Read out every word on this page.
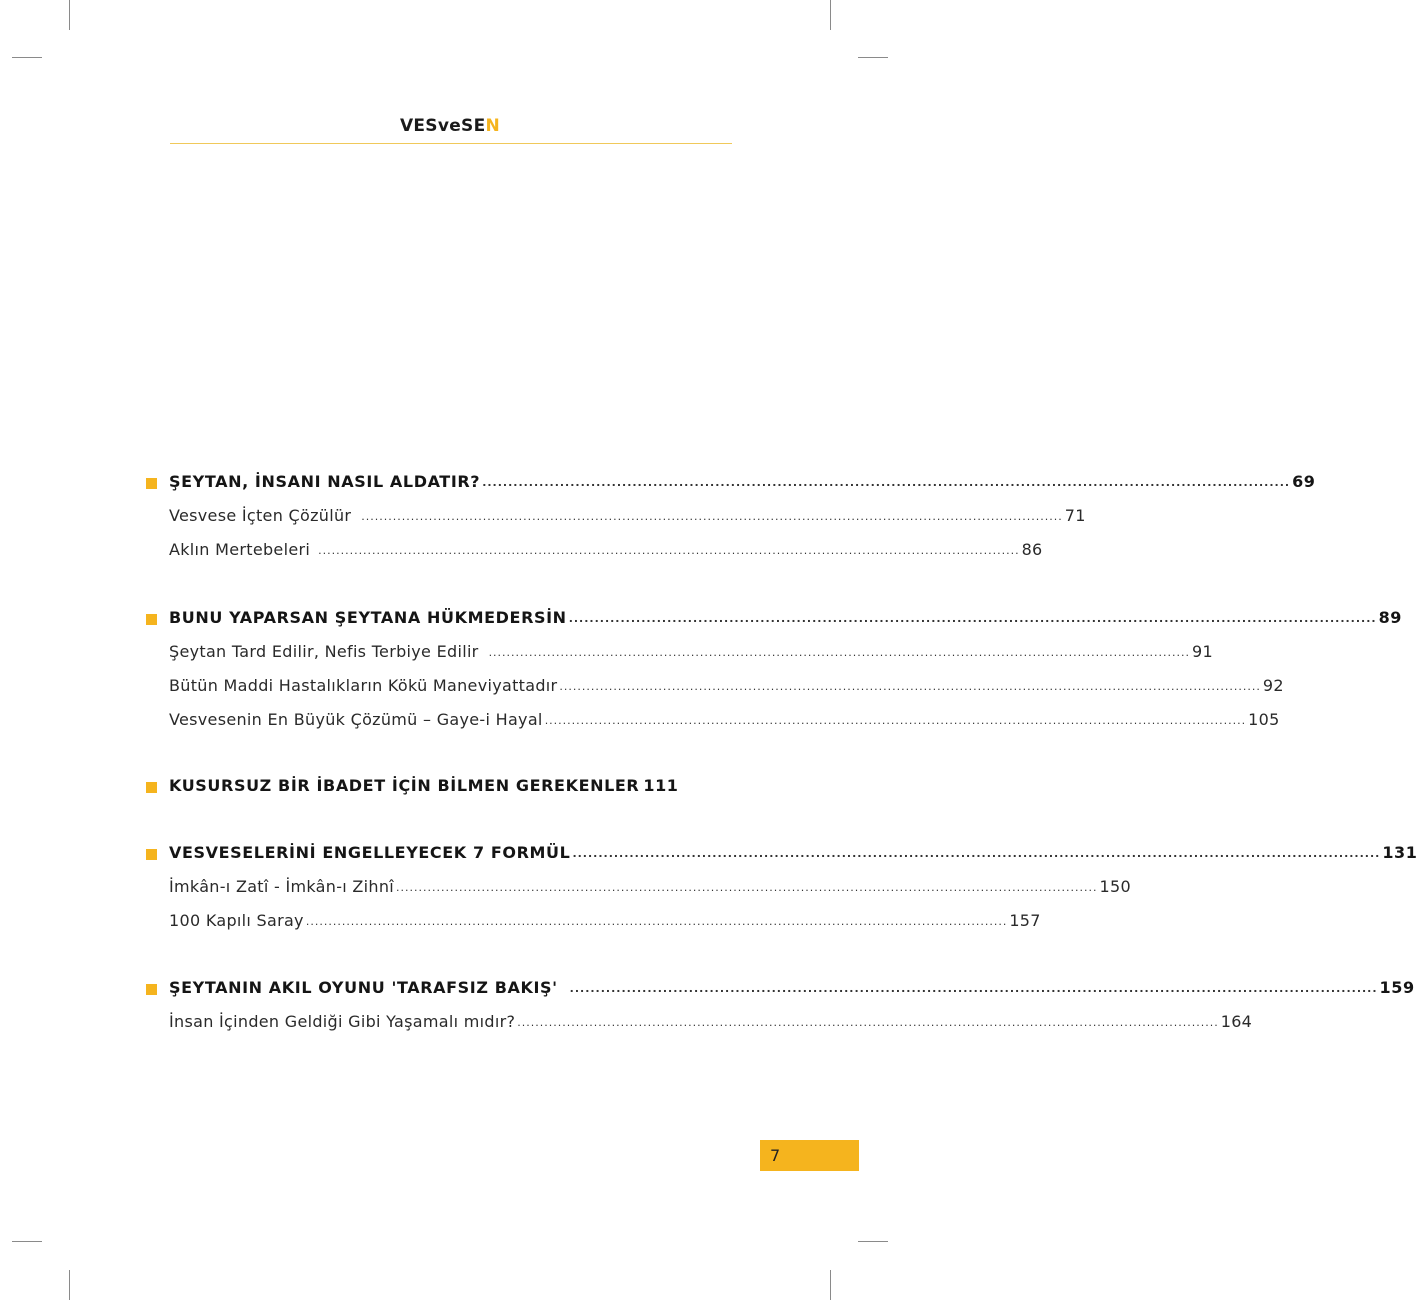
VESveSEN
ŞEYTAN, İNSANI NASIL ALDATIR? ............................................................................................................................................................ 69
Vesvese İçten Çözülür ............................................................................................................................................................ 71
Aklın Mertebeleri ............................................................................................................................................................ 86
BUNU YAPARSAN ŞEYTANA HÜKMEDERSİN ............................................................................................................................................................ 89
Şeytan Tard Edilir, Nefis Terbiye Edilir ............................................................................................................................................................ 91
Bütün Maddi Hastalıkların Kökü Maneviyattadır ............................................................................................................................................................ 92
Vesvesenin En Büyük Çözümü – Gaye-i Hayal ............................................................................................................................................................ 105
KUSURSUZ BİR İBADET İÇİN BİLMEN GEREKENLER 111
VESVESELERİNİ ENGELLEYECEK 7 FORMÜL ............................................................................................................................................................ 131
İmkân-ı Zatî - İmkân-ı Zihnî ............................................................................................................................................................ 150
100 Kapılı Saray ............................................................................................................................................................ 157
ŞEYTANIN AKIL OYUNU 'TARAFSIZ BAKIŞ' ............................................................................................................................................................ 159
İnsan İçinden Geldiği Gibi Yaşamalı mıdır? ............................................................................................................................................................ 164
7
